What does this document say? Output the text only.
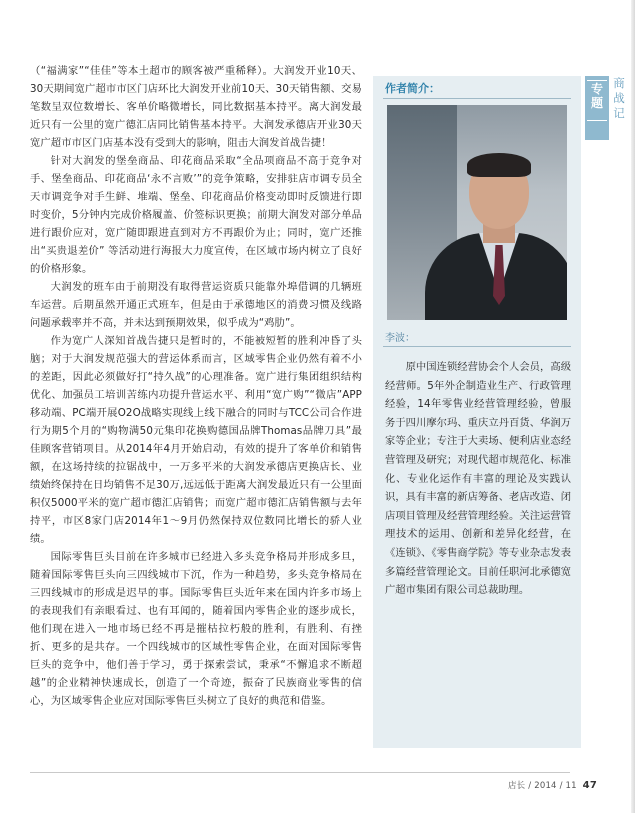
（“福满家”“佳佳”等本土超市的顾客被严重稀释）。大润发开业10天、30天期间宽广超市市区门店环比大润发开业前10天、30天销售额、交易笔数呈双位数增长、客单价略微增长，同比数据基本持平。离大润发最近只有一公里的宽广德汇店同比销售基本持平。大润发承德店开业30天宽广超市市区门店基本没有受到大的影响，阻击大润发首战告捷！

针对大润发的堡垒商品、印花商品采取“全品项商品不高于竞争对手、堡垒商品、印花商品‘永不言败’”的竞争策略，安排驻店市调专员全天市调竞争对手生鲜、堆端、堡垒、印花商品价格变动即时反馈进行即时变价，5分钟内完成价格履盖、价签标识更换；前期大润发对部分单品进行跟价应对，宽广随即跟进直到对方不再跟价为止；同时，宽广还推出“买贵退差价” 等活动进行海报大力度宣传，在区域市场内树立了良好的价格形象。

大润发的班车由于前期没有取得营运资质只能靠外埠借调的几辆班车运营。后期虽然开通正式班车，但是由于承德地区的消费习惯及线路问题承载率并不高，并未达到预期效果，似乎成为“鸡肋”。

作为宽广人深知首战告捷只是暂时的，不能被短暂的胜利冲昏了头脑；对于大润发规范强大的营运体系而言，区域零售企业仍然有着不小的差距，因此必须做好打“持久战”的心理准备。宽广进行集团组织结构优化、加强员工培训苦练内功提升营运水平、利用“宽广购”“微店”APP移动端、PC端开展O2O战略实现线上线下融合的同时与TCC公司合作进行为期5个月的“购物满50元集印花换购德国品牌Thomas品牌刀具”最佳顾客营销项目。从2014年4月开始启动，有效的提升了客单价和销售额，在这场持续的拉锯战中，一万多平米的大润发承德店更换店长、业绩始终保持在日均销售不足30万,远远低于距离大润发最近只有一公里面积仅5000平米的宽广超市德汇店销售；而宽广超市德汇店销售额与去年持平，市区8家门店2014年1～9月仍然保持双位数同比增长的骄人业绩。

国际零售巨头目前在许多城市已经进入多头竞争格局并形成多旦，随着国际零售巨头向三四线城市下沉，作为一种趋势，多头竞争格局在三四线城市的形成是迟早的事。国际零售巨头近年来在国内许多市场上的表现我们有亲眼看过、也有耳闻的，随着国内零售企业的逐步成长，他们现在进入一地市场已经不再是摧枯拉朽般的胜利，有胜利、有挫折、更多的是共存。一个四线城市的区域性零售企业，在面对国际零售巨头的竞争中，他们善于学习，勇于探索尝试，秉承“不懈追求不断超越”的企业精神快速成长，创造了一个奇迹，振奋了民族商业零售的信心，为区域零售企业应对国际零售巨头树立了良好的典范和借鉴。

作者简介：
李波：

原中国连锁经营协会个人会员，高级经营师。5年外企制造业生产、行政管理经验，14年零售业经营管理经验，曾服务于四川摩尔玛、重庆立丹百货、华润万家等企业；专注于大卖场、便利店业态经营管理及研究；对现代超市规范化、标准化、专业化运作有丰富的理论及实践认识，具有丰富的新店筹备、老店改造、闭店项目管理及经营管理经验。关注运营管理技术的运用、创新和差异化经营，在《连锁》、《零售商学院》等专业杂志发表多篇经营管理论文。目前任职河北承德宽广超市集团有限公司总裁助理。

专题
商战记
店长 / 2014 / 11 47
